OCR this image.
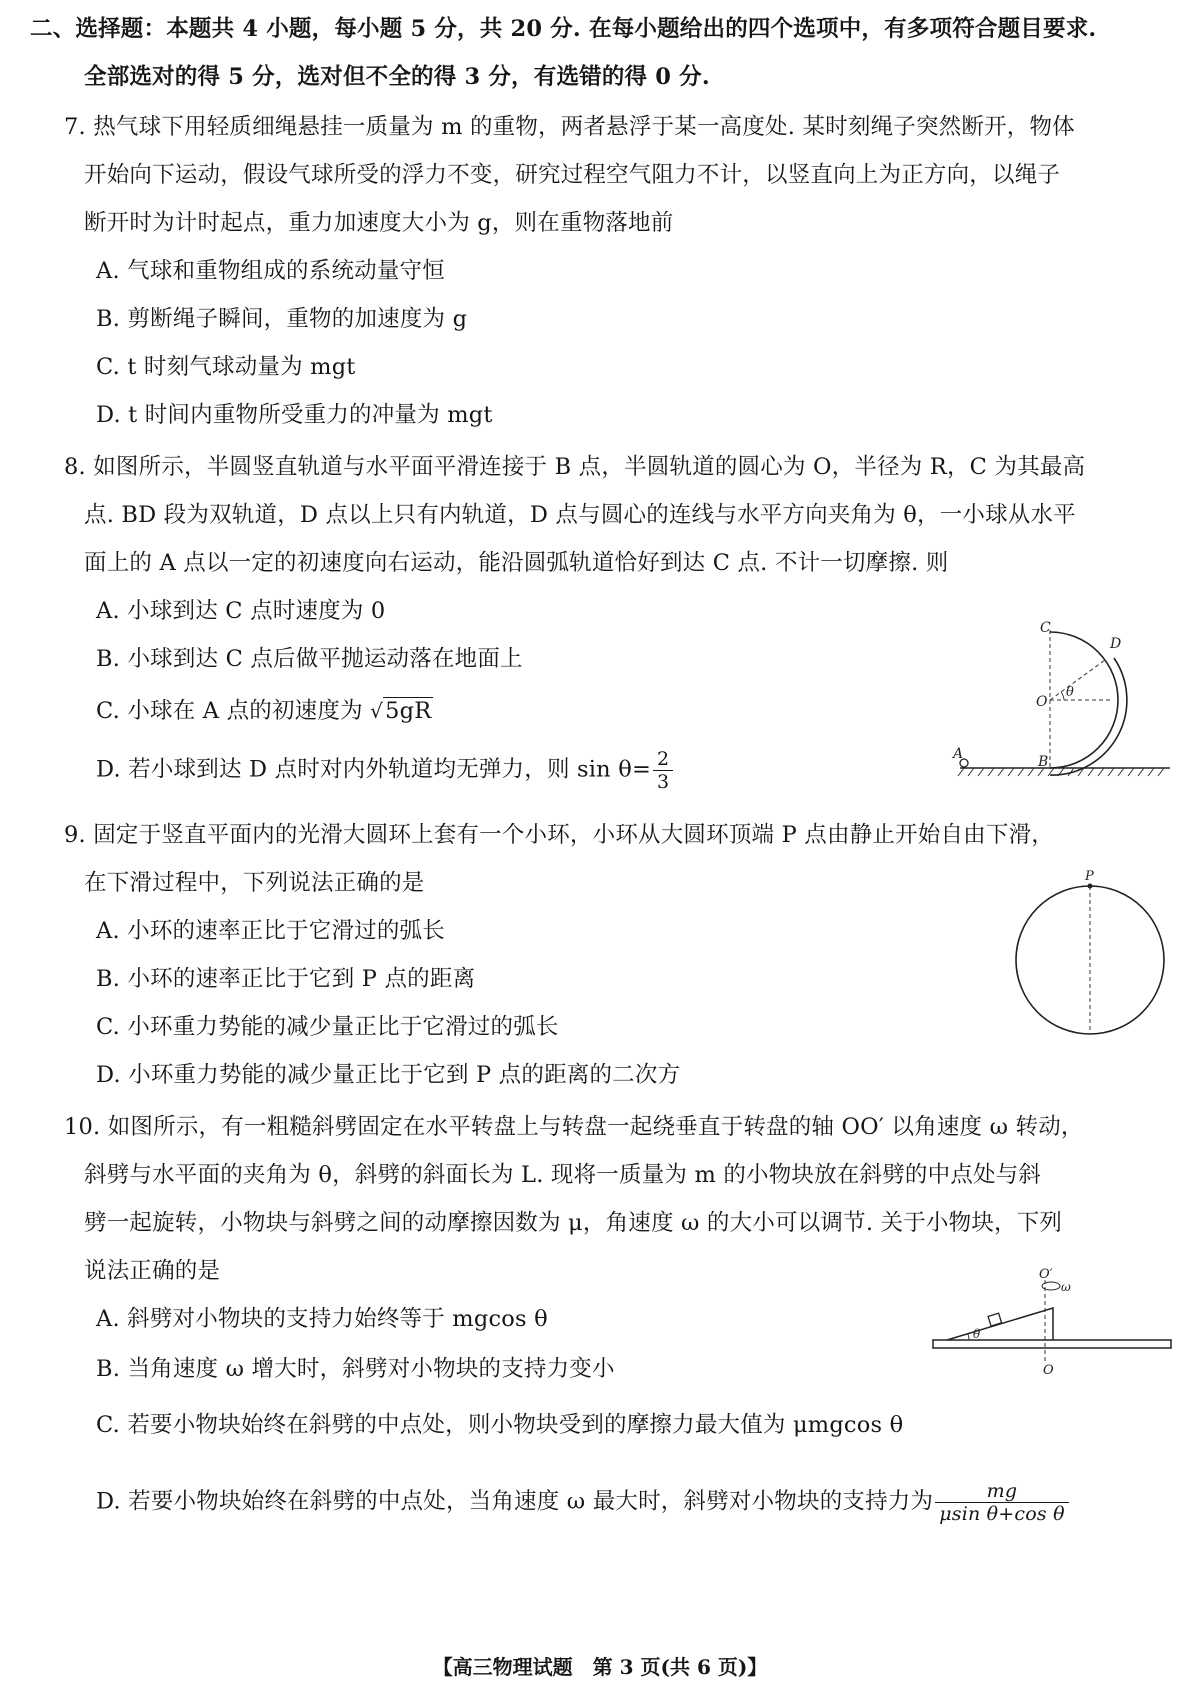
二、选择题：本题共 4 小题，每小题 5 分，共 20 分. 在每小题给出的四个选项中，有多项符合题目要求.
全部选对的得 5 分，选对但不全的得 3 分，有选错的得 0 分.
7. 热气球下用轻质细绳悬挂一质量为 m 的重物，两者悬浮于某一高度处. 某时刻绳子突然断开，物体
开始向下运动，假设气球所受的浮力不变，研究过程空气阻力不计，以竖直向上为正方向，以绳子
断开时为计时起点，重力加速度大小为 g，则在重物落地前
A. 气球和重物组成的系统动量守恒
B. 剪断绳子瞬间，重物的加速度为 g
C. t 时刻气球动量为 mgt
D. t 时间内重物所受重力的冲量为 mgt
8. 如图所示，半圆竖直轨道与水平面平滑连接于 B 点，半圆轨道的圆心为 O，半径为 R，C 为其最高
点. BD 段为双轨道，D 点以上只有内轨道，D 点与圆心的连线与水平方向夹角为 θ，一小球从水平
面上的 A 点以一定的初速度向右运动，能沿圆弧轨道恰好到达 C 点. 不计一切摩擦. 则
A. 小球到达 C 点时速度为 0
B. 小球到达 C 点后做平抛运动落在地面上
C. 小球在 A 点的初速度为 √5gR
D. 若小球到达 D 点时对内外轨道均无弹力，则 $\sin \theta= \frac{2}{3}$	A	B
C
D
O
θ
9. 固定于竖直平面内的光滑大圆环上套有一个小环，小环从大圆环顶端 P 点由静止开始自由下滑，
在下滑过程中，下列说法正确的是
A. 小环的速率正比于它滑过的弧长
B. 小环的速率正比于它到 P 点的距离
C. 小环重力势能的减少量正比于它滑过的弧长
D. 小环重力势能的减少量正比于它到 P 点的距离的二次方
P
10. 如图所示，有一粗糙斜劈固定在水平转盘上与转盘一起绕垂直于转盘的轴 OO′ 以角速度 ω 转动，
斜劈与水平面的夹角为 θ，斜劈的斜面长为 L. 现将一质量为 m 的小物块放在斜劈的中点处与斜
劈一起旋转，小物块与斜劈之间的动摩擦因数为 μ，角速度 ω 的大小可以调节. 关于小物块，下列
说法正确的是
A. 斜劈对小物块的支持力始终等于 mgcos θ
B. 当角速度 ω 增大时，斜劈对小物块的支持力变小
C. 若要小物块始终在斜劈的中点处，则小物块受到的摩擦力最大值为 μmgcos θ
D. 若要小物块始终在斜劈的中点处，当角速度 ω 最大时，斜劈对小物块的支持力为 $\frac{mg}{\text{μsin θ+cos θ}}$
θ
O′
ω
O
【高三物理试题　第 3 页(共 6 页)】
